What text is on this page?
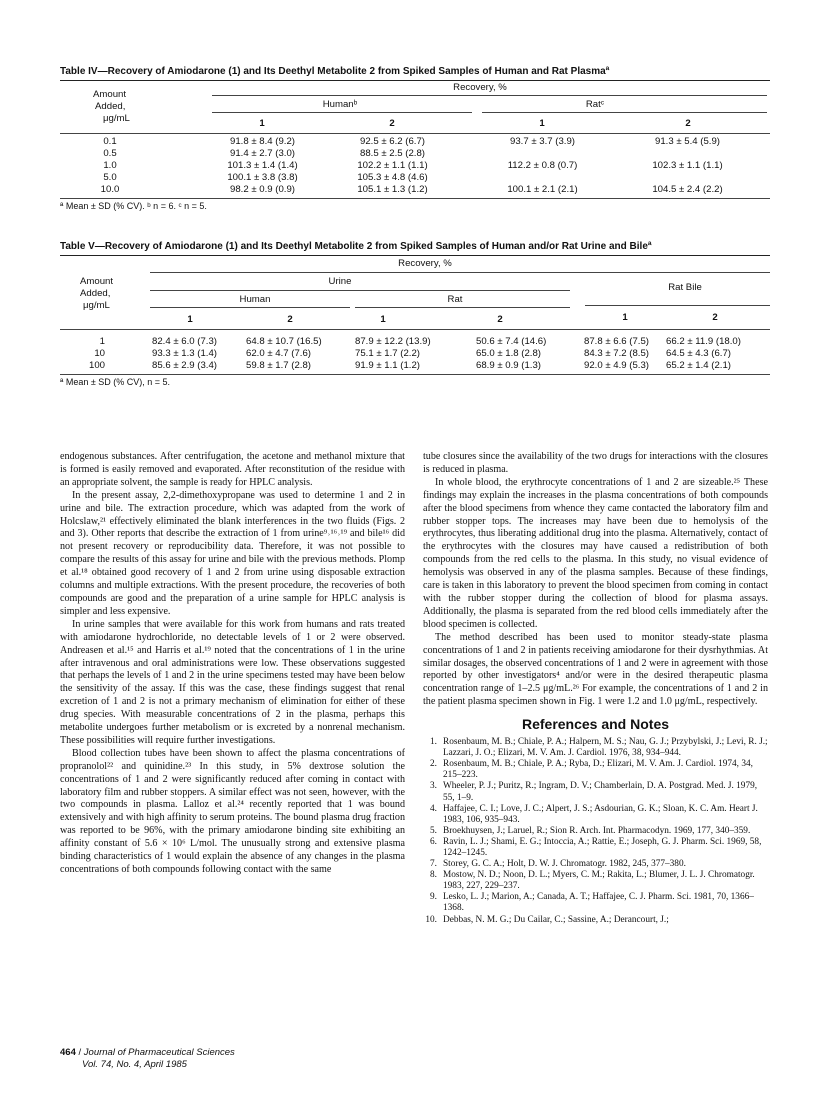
Table IV—Recovery of Amiodarone (1) and Its Deethyl Metabolite 2 from Spiked Samples of Human and Rat Plasmaª
Amount
Added,
μg/mL
Recovery, %
Humanᵇ	Ratᶜ
1	2	1	2
0.1	91.8 ± 8.4 (9.2)	92.5 ± 6.2 (6.7)	93.7 ± 3.7 (3.9)	91.3 ± 5.4 (5.9)
0.5	91.4 ± 2.7 (3.0)	88.5 ± 2.5 (2.8)
1.0	101.3 ± 1.4 (1.4)	102.2 ± 1.1 (1.1)	112.2 ± 0.8 (0.7)	102.3 ± 1.1 (1.1)
5.0	100.1 ± 3.8 (3.8)	105.3 ± 4.8 (4.6)
10.0	98.2 ± 0.9 (0.9)	105.1 ± 1.3 (1.2)	100.1 ± 2.1 (2.1)	104.5 ± 2.4 (2.2)
ª Mean ± SD (% CV). ᵇ n = 6. ᶜ n = 5.
Table V—Recovery of Amiodarone (1) and Its Deethyl Metabolite 2 from Spiked Samples of Human and/or Rat Urine and Bileª
Recovery, %
Amount
Added,
μg/mL
Urine
Rat Bile
Human	Rat
1	2	1	2	1	2
1	82.4 ± 6.0 (7.3)	64.8 ± 10.7 (16.5)	87.9 ± 12.2 (13.9)	50.6 ± 7.4 (14.6)	87.8 ± 6.6 (7.5) 66.2 ± 11.9 (18.0)
10	93.3 ± 1.3 (1.4)	62.0 ± 4.7 (7.6)	75.1 ± 1.7 (2.2)	65.0 ± 1.8 (2.8)	84.3 ± 7.2 (8.5) 64.5 ± 4.3 (6.7)
100	85.6 ± 2.9 (3.4)	59.8 ± 1.7 (2.8)	91.9 ± 1.1 (1.2)	68.9 ± 0.9 (1.3)	92.0 ± 4.9 (5.3) 65.2 ± 1.4 (2.1)
ª Mean ± SD (% CV), n = 5.

endogenous substances. After centrifugation, the acetone and methanol mixture that is formed is easily removed and evaporated. After reconstitution of the residue with an appropriate solvent, the sample is ready for HPLC analysis.

In the present assay, 2,2-dimethoxypropane was used to determine 1 and 2 in urine and bile. The extraction procedure, which was adapted from the work of Holcslaw,²¹ effectively eliminated the blank interferences in the two fluids (Figs. 2 and 3). Other reports that describe the extraction of 1 from urine⁹˒¹⁶˒¹⁹ and bile¹⁶ did not present recovery or reproducibility data. Therefore, it was not possible to compare the results of this assay for urine and bile with the previous methods. Plomp et al.¹⁸ obtained good recovery of 1 and 2 from urine using disposable extraction columns and multiple extractions. With the present procedure, the recoveries of both compounds are good and the preparation of a urine sample for HPLC analysis is simpler and less expensive.

In urine samples that were available for this work from humans and rats treated with amiodarone hydrochloride, no detectable levels of 1 or 2 were observed. Andreasen et al.¹⁵ and Harris et al.¹⁹ noted that the concentrations of 1 in the urine after intravenous and oral administrations were low. These observations suggested that perhaps the levels of 1 and 2 in the urine specimens tested may have been below the sensitivity of the assay. If this was the case, these findings suggest that renal excretion of 1 and 2 is not a primary mechanism of elimination for either of these drug species. With measurable concentrations of 2 in the plasma, perhaps this metabolite undergoes further metabolism or is excreted by a nonrenal mechanism. These possibilities will require further investigations.

Blood collection tubes have been shown to affect the plasma concentrations of propranolol²² and quinidine.²³ In this study, in 5% dextrose solution the concentrations of 1 and 2 were significantly reduced after coming in contact with laboratory film and rubber stoppers. A similar effect was not seen, however, with the two compounds in plasma. Lalloz et al.²⁴ recently reported that 1 was bound extensively and with high affinity to serum proteins. The bound plasma drug fraction was reported to be 96%, with the primary amiodarone binding site exhibiting an affinity constant of 5.6 × 10⁶ L/mol. The unusually strong and extensive plasma binding characteristics of 1 would explain the absence of any changes in the plasma concentrations of both compounds following contact with the same

tube closures since the availability of the two drugs for interactions with the closures is reduced in plasma.

In whole blood, the erythrocyte concentrations of 1 and 2 are sizeable.²⁵ These findings may explain the increases in the plasma concentrations of both compounds after the blood specimens from whence they came contacted the laboratory film and rubber stopper tops. The increases may have been due to hemolysis of the erythrocytes, thus liberating additional drug into the plasma. Alternatively, contact of the erythrocytes with the closures may have caused a redistribution of both compounds from the red cells to the plasma. In this study, no visual evidence of hemolysis was observed in any of the plasma samples. Because of these findings, care is taken in this laboratory to prevent the blood specimen from coming in contact with the rubber stopper during the collection of blood for plasma assays. Additionally, the plasma is separated from the red blood cells immediately after the blood specimen is collected.

The method described has been used to monitor steady-state plasma concentrations of 1 and 2 in patients receiving amiodarone for their dysrhythmias. At similar dosages, the observed concentrations of 1 and 2 were in agreement with those reported by other investigators⁴ and/or were in the desired therapeutic plasma concentration range of 1–2.5 μg/mL.²⁶ For example, the concentrations of 1 and 2 in the patient plasma specimen shown in Fig. 1 were 1.2 and 1.0 μg/mL, respectively.

References and Notes
1. Rosenbaum, M. B.; Chiale, P. A.; Halpern, M. S.; Nau, G. J.; Przybylski, J.; Levi, R. J.; Lazzari, J. O.; Elizari, M. V. Am. J. Cardiol. 1976, 38, 934–944.
2. Rosenbaum, M. B.; Chiale, P. A.; Ryba, D.; Elizari, M. V. Am. J. Cardiol. 1974, 34, 215–223.
3. Wheeler, P. J.; Puritz, R.; Ingram, D. V.; Chamberlain, D. A. Postgrad. Med. J. 1979, 55, 1–9.
4. Haffajee, C. I.; Love, J. C.; Alpert, J. S.; Asdourian, G. K.; Sloan, K. C. Am. Heart J. 1983, 106, 935–943.
5. Broekhuysen, J.; Laruel, R.; Sion R. Arch. Int. Pharmacodyn. 1969, 177, 340–359.
6. Ravin, L. J.; Shami, E. G.; Intoccia, A.; Rattie, E.; Joseph, G. J. Pharm. Sci. 1969, 58, 1242–1245.
7. Storey, G. C. A.; Holt, D. W. J. Chromatogr. 1982, 245, 377–380.
8. Mostow, N. D.; Noon, D. L.; Myers, C. M.; Rakita, L.; Blumer, J. L. J. Chromatogr. 1983, 227, 229–237.
9. Lesko, L. J.; Marion, A.; Canada, A. T.; Haffajee, C. J. Pharm. Sci. 1981, 70, 1366–1368.
10. Debbas, N. M. G.; Du Cailar, C.; Sassine, A.; Derancourt, J.;
464 / Journal of Pharmaceutical Sciences
Vol. 74, No. 4, April 1985
